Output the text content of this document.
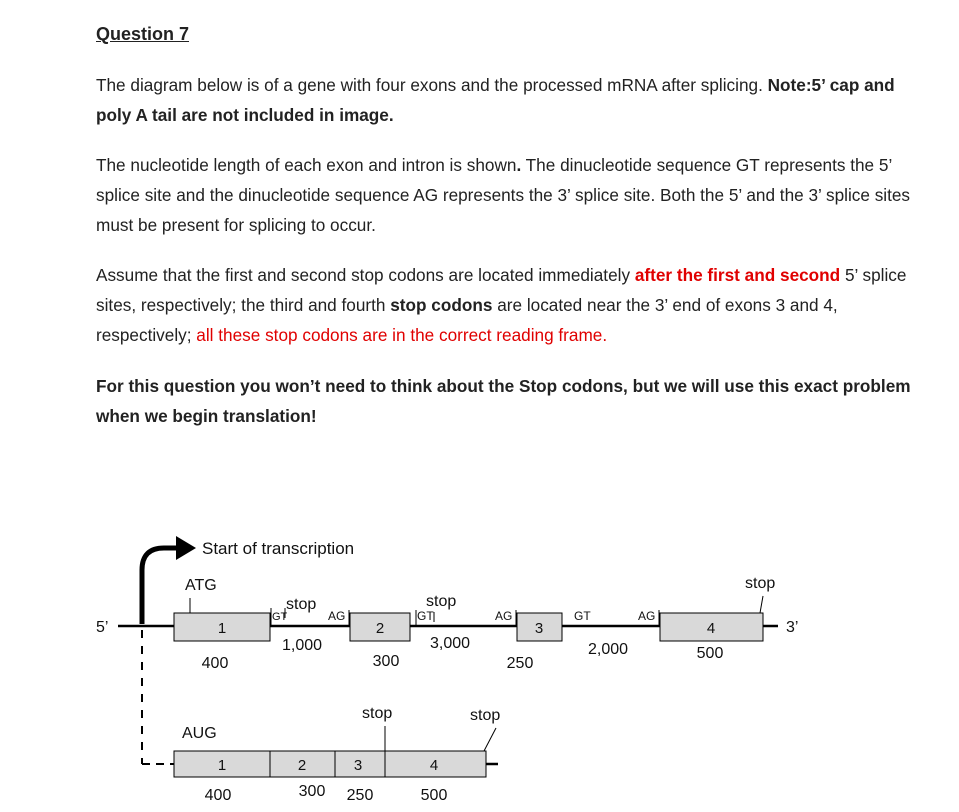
Question 7
The diagram below is of a gene with four exons and the processed mRNA after splicing. Note:5’ cap and poly A tail are not included in image.
The nucleotide length of each exon and intron is shown. The dinucleotide sequence GT represents the 5’ splice site and the dinucleotide sequence AG represents the 3’ splice site. Both the 5’ and the 3’ splice sites must be present for splicing to occur.
Assume that the first and second stop codons are located immediately after the first and second 5’ splice sites, respectively; the third and fourth stop codons are located near the 3’ end of exons 3 and 4, respectively; all these stop codons are in the correct reading frame.
For this question you won’t need to think about the Stop codons, but we will use this exact problem when we begin translation!
Start of transcription
5’	3’
ATG
1	2	3	4
400	300	250
500
1,000	3,000	2,000
GT
stop
AG	GT
stop
AG	GT	AG
stop
AUG
1	2	3	4
400	300 250	500
stop	stop
